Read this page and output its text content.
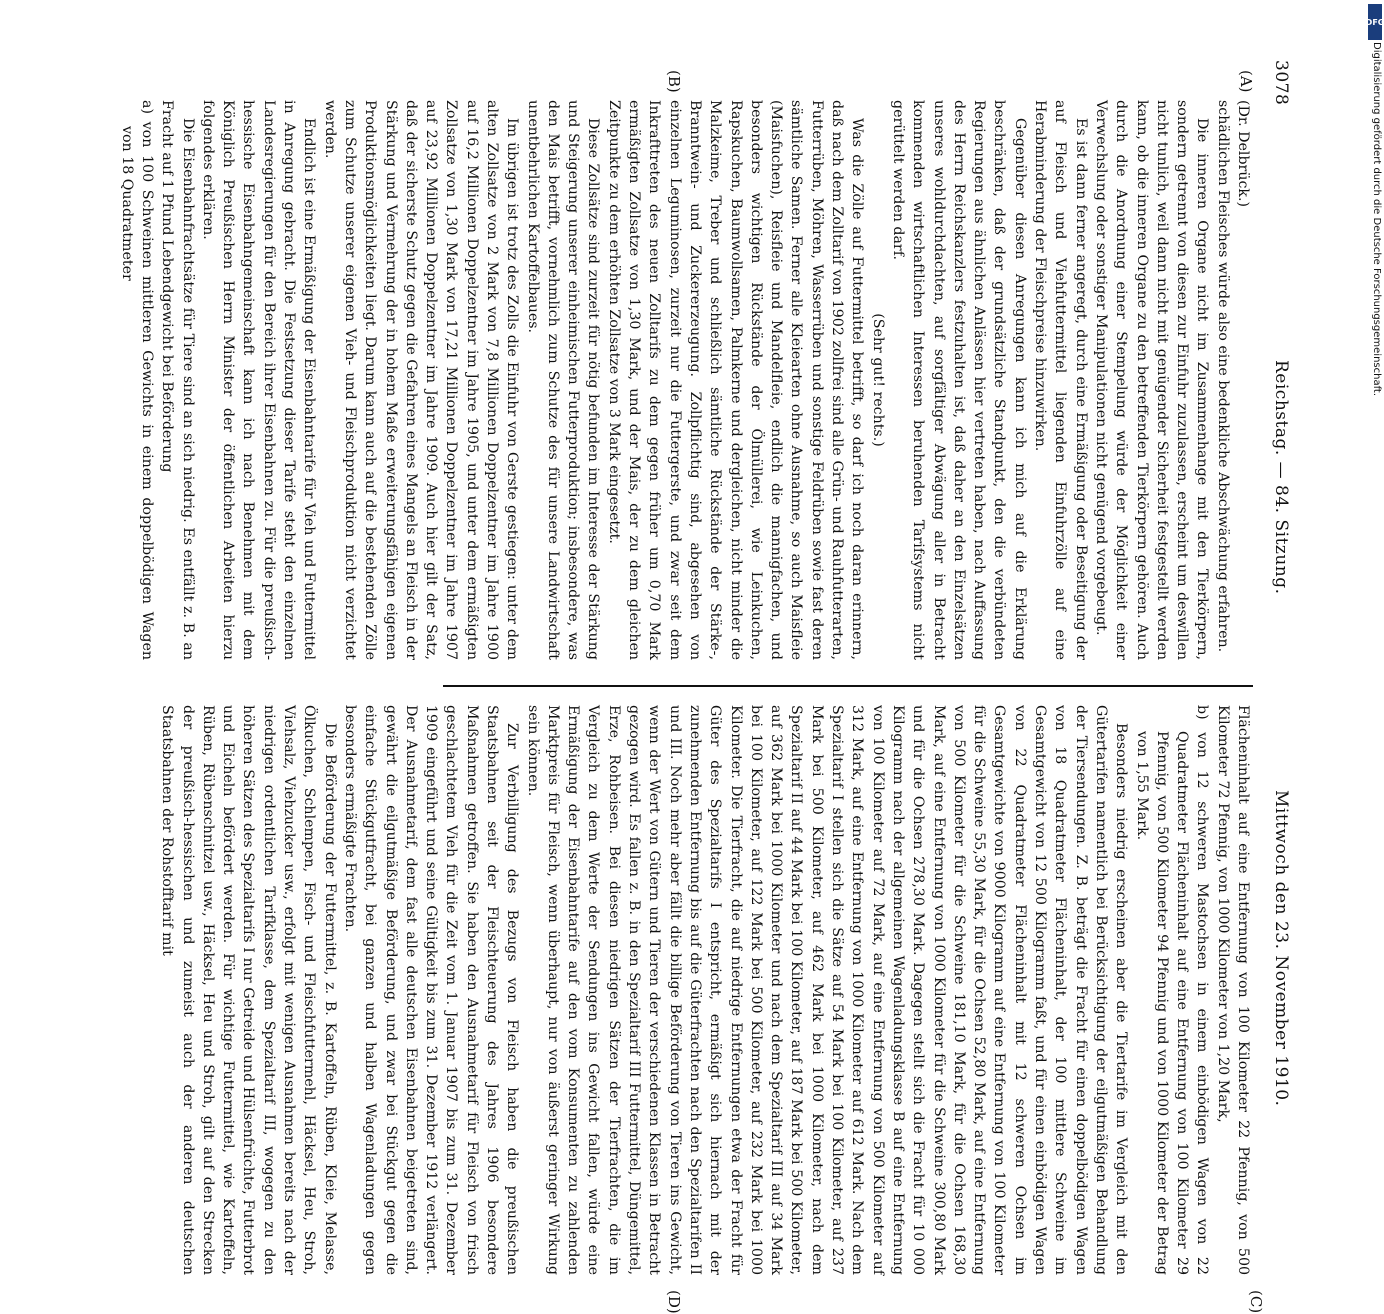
3078
Reichstag. — 84. Sitzung.
Mittwoch den 23. November 1910.
(A)
(B)
(C)
(D)

(Dr. Delbrück.)

schädlichen Fleisches würde also eine bedenkliche Abschwächung erfahren.

Die inneren Organe nicht im Zusammenhange mit den Tierkörpern, sondern getrennt von diesen zur Einfuhr zuzulassen, erscheint um deswillen nicht tunlich, weil dann nicht mit genügender Sicherheit festgestellt werden kann, ob die inneren Organe zu den betreffenden Tierkörpern gehören. Auch durch die Anordnung einer Stempelung würde der Möglichkeit einer Verwechslung oder sonstiger Manipulationen nicht genügend vorgebeugt.

Es ist dann ferner angeregt, durch eine Ermäßigung oder Beseitigung der auf Fleisch und Viehfuttermittel liegenden Einfuhrzölle auf eine Herabminderung der Fleischpreise hinzuwirken.

Gegenüber diesen Anregungen kann ich mich auf die Erklärung beschränken, daß der grundsätzliche Standpunkt, den die verbündeten Regierungen aus ähnlichen Anlässen hier vertreten haben, nach Auffassung des Herrn Reichskanzlers festzuhalten ist, daß daher an den Einzelsätzen unseres wohldurchdachten, auf sorgfältiger Abwägung aller in Betracht kommenden wirtschaftlichen Interessen beruhenden Tarifsystems nicht gerüttelt werden darf.

(Sehr gut! rechts.)

Was die Zölle auf Futtermittel betrifft, so darf ich noch daran erinnern, daß nach dem Zolltarif von 1902 zollfrei sind alle Grün- und Rauhfutterarten, Futterrüben, Möhren, Wasserrüben und sonstige Feldrüben sowie fast deren sämtliche Samen. Ferner alle Kleiearten ohne Ausnahme, so auch Maisfleie (Maisfuchen), Reisfleie und Mandelfleie, endlich die mannigfachen, und besonders wichtigen Rückstände der Ölmüllerei, wie Leinkuchen, Rapskuchen, Baumwollsamen, Palmkerne und dergleichen, nicht minder die Malzkeime, Treber und schließlich sämtliche Rückstände der Stärke-, Branntwein- und Zuckererzeugung. Zollpflichtig sind, abgesehen von einzelnen Leguminosen, zurzeit nur die Futtergerste, und zwar seit dem Inkrafttreten des neuen Zolltarifs zu dem gegen früher um 0,70 Mark ermäßigten Zollsatze von 1,30 Mark, und der Mais, der zu dem gleichen Zeitpunkte zu dem erhöhten Zollsatze von 3 Mark eingesetzt.

Diese Zollsätze sind zurzeit für nötig befunden im Interesse der Stärkung und Steigerung unserer einheimischen Futterproduktion; insbesondere, was den Mais betrifft, vornehmlich zum Schutze des für unsere Landwirtschaft unentbehrlichen Kartoffelbaues.

Im übrigen ist trotz des Zolls die Einfuhr von Gerste gestiegen: unter dem alten Zollsatze von 2 Mark von 7,8 Millionen Doppelzentner im Jahre 1900 auf 16,2 Millionen Doppelzentner im Jahre 1905, und unter dem ermäßigten Zollsatze von 1,30 Mark von 17,21 Millionen Doppelzentner im Jahre 1907 auf 23,92 Millionen Doppelzentner im Jahre 1909. Auch hier gilt der Satz, daß der sicherste Schutz gegen die Gefahren eines Mangels an Fleisch in der Stärkung und Vermehrung der in hohem Maße erweiterungsfähigen eigenen Produktionsmöglichkeiten liegt. Darum kann auch auf die bestehenden Zölle zum Schutze unserer eigenen Vieh- und Fleischproduktion nicht verzichtet werden.

Endlich ist eine Ermäßigung der Eisenbahntarife für Vieh und Futtermittel in Anregung gebracht. Die Festsetzung dieser Tarife steht den einzelnen Landesregierungen für den Bereich ihrer Eisenbahnen zu. Für die preußisch-hessische Eisenbahngemeinschaft kann ich nach Benehmen mit dem Königlich Preußischen Herrn Minister der öffentlichen Arbeiten hierzu folgendes erklären.

Die Eisenbahnfrachtsätze für Tiere sind an sich niedrig. Es entfällt z. B. an Fracht auf 1 Pfund Lebendgewicht bei Beförderung

a) von 100 Schweinen mittleren Gewichts in einem doppelbödigen Wagen von 18 Quadratmeter

Flächeninhalt auf eine Entfernung von 100 Kilometer 22 Pfennig, von 500 Kilometer 72 Pfennig, von 1000 Kilometer von 1,20 Mark,

b) von 12 schweren Mastochsen in einem einbödigen Wagen von 22 Quadratmeter Flächeninhalt auf eine Entfernung von 100 Kilometer 29 Pfennig, von 500 Kilometer 94 Pfennig und von 1000 Kilometer der Betrag von 1,55 Mark.

Besonders niedrig erscheinen aber die Tiertarife im Vergleich mit den Gütertarifen namentlich bei Berücksichtigung der eilgutmäßigen Behandlung der Tiersendungen. Z. B. beträgt die Fracht für einen doppelbödigen Wagen von 18 Quadratmeter Flächeninhalt, der 100 mittlere Schweine im Gesamtgewicht von 12 500 Kilogramm faßt, und für einen einbödigen Wagen von 22 Quadratmeter Flächeninhalt mit 12 schweren Ochsen im Gesamtgewichte von 9000 Kilogramm auf eine Entfernung von 100 Kilometer für die Schweine 55,30 Mark, für die Ochsen 52,80 Mark, auf eine Entfernung von 500 Kilometer für die Schweine 181,10 Mark, für die Ochsen 168,30 Mark, auf eine Entfernung von 1000 Kilometer für die Schweine 300,80 Mark und für die Ochsen 278,30 Mark. Dagegen stellt sich die Fracht für 10 000 Kilogramm nach der allgemeinen Wagenladungsklasse B auf eine Entfernung von 100 Kilometer auf 72 Mark, auf eine Entfernung von 500 Kilometer auf 312 Mark, auf eine Entfernung von 1000 Kilometer auf 612 Mark. Nach dem Spezialtarif I stellen sich die Sätze auf 54 Mark bei 100 Kilometer, auf 237 Mark bei 500 Kilometer, auf 462 Mark bei 1000 Kilometer, nach dem Spezialtarif II auf 44 Mark bei 100 Kilometer, auf 187 Mark bei 500 Kilometer, auf 362 Mark bei 1000 Kilometer und nach dem Spezialtarif III auf 34 Mark bei 100 Kilometer, auf 122 Mark bei 500 Kilometer, auf 232 Mark bei 1000 Kilometer. Die Tierfracht, die auf niedrige Entfernungen etwa der Fracht für Güter des Spezialtarifs I entspricht, ermäßigt sich hiernach mit der zunehmenden Entfernung bis auf die Güterfrachten nach den Spezialtarifen II und III. Noch mehr aber fällt die billige Beförderung von Tieren ins Gewicht, wenn der Wert von Gütern und Tieren der verschiedenen Klassen in Betracht gezogen wird. Es fallen z. B. in den Spezialtarif III Futtermittel, Düngemittel, Erze, Rohbeisen. Bei diesen niedrigen Sätzen der Tierfrachten, die im Vergleich zu dem Werte der Sendungen ins Gewicht fallen, würde eine Ermäßigung der Eisenbahntarife auf den vom Konsumenten zu zahlenden Marktpreis für Fleisch, wenn überhaupt, nur von äußerst geringer Wirkung sein können.

Zur Verbilligung des Bezugs von Fleisch haben die preußischen Staatsbahnen seit der Fleischteuerung des Jahres 1906 besondere Maßnahmen getroffen. Sie haben den Ausnahmetarif für Fleisch von frisch geschlachtetem Vieh für die Zeit vom 1. Januar 1907 bis zum 31. Dezember 1909 eingeführt und seine Gültigkeit bis zum 31. Dezember 1912 verlängert. Der Ausnahmetarif, dem fast alle deutschen Eisenbahnen beigetreten sind, gewährt die eilgutmäßige Beförderung, und zwar bei Stückgut gegen die einfache Stückgutfracht, bei ganzen und halben Wagenladungen gegen besonders ermäßigte Frachten.

Die Beförderung der Futtermittel, z. B. Kartoffeln, Rüben, Kleie, Melasse, Ölkuchen, Schlempen, Fisch- und Fleischfuttermehl, Häcksel, Heu, Stroh, Viehsalz, Viehzucker usw., erfolgt mit wenigen Ausnahmen bereits nach der niedrigen ordentlichen Tarifklasse, dem Spezialtarif III, wogegen zu den höheren Sätzen des Spezialtarifs I nur Getreide und Hülsenfrüchte, Futterbrot und Eicheln befördert werden. Für wichtige Futtermittel, wie Kartoffeln, Rüben, Rübenschnitzel usw., Häcksel, Heu und Stroh, gilt auf den Strecken der preußisch-hessischen und zumeist auch der anderen deutschen Staatsbahnen der Rohstofftarif mit

DFG
Digitalisierung gefördert durch die Deutsche Forschungsgemeinschaft.
